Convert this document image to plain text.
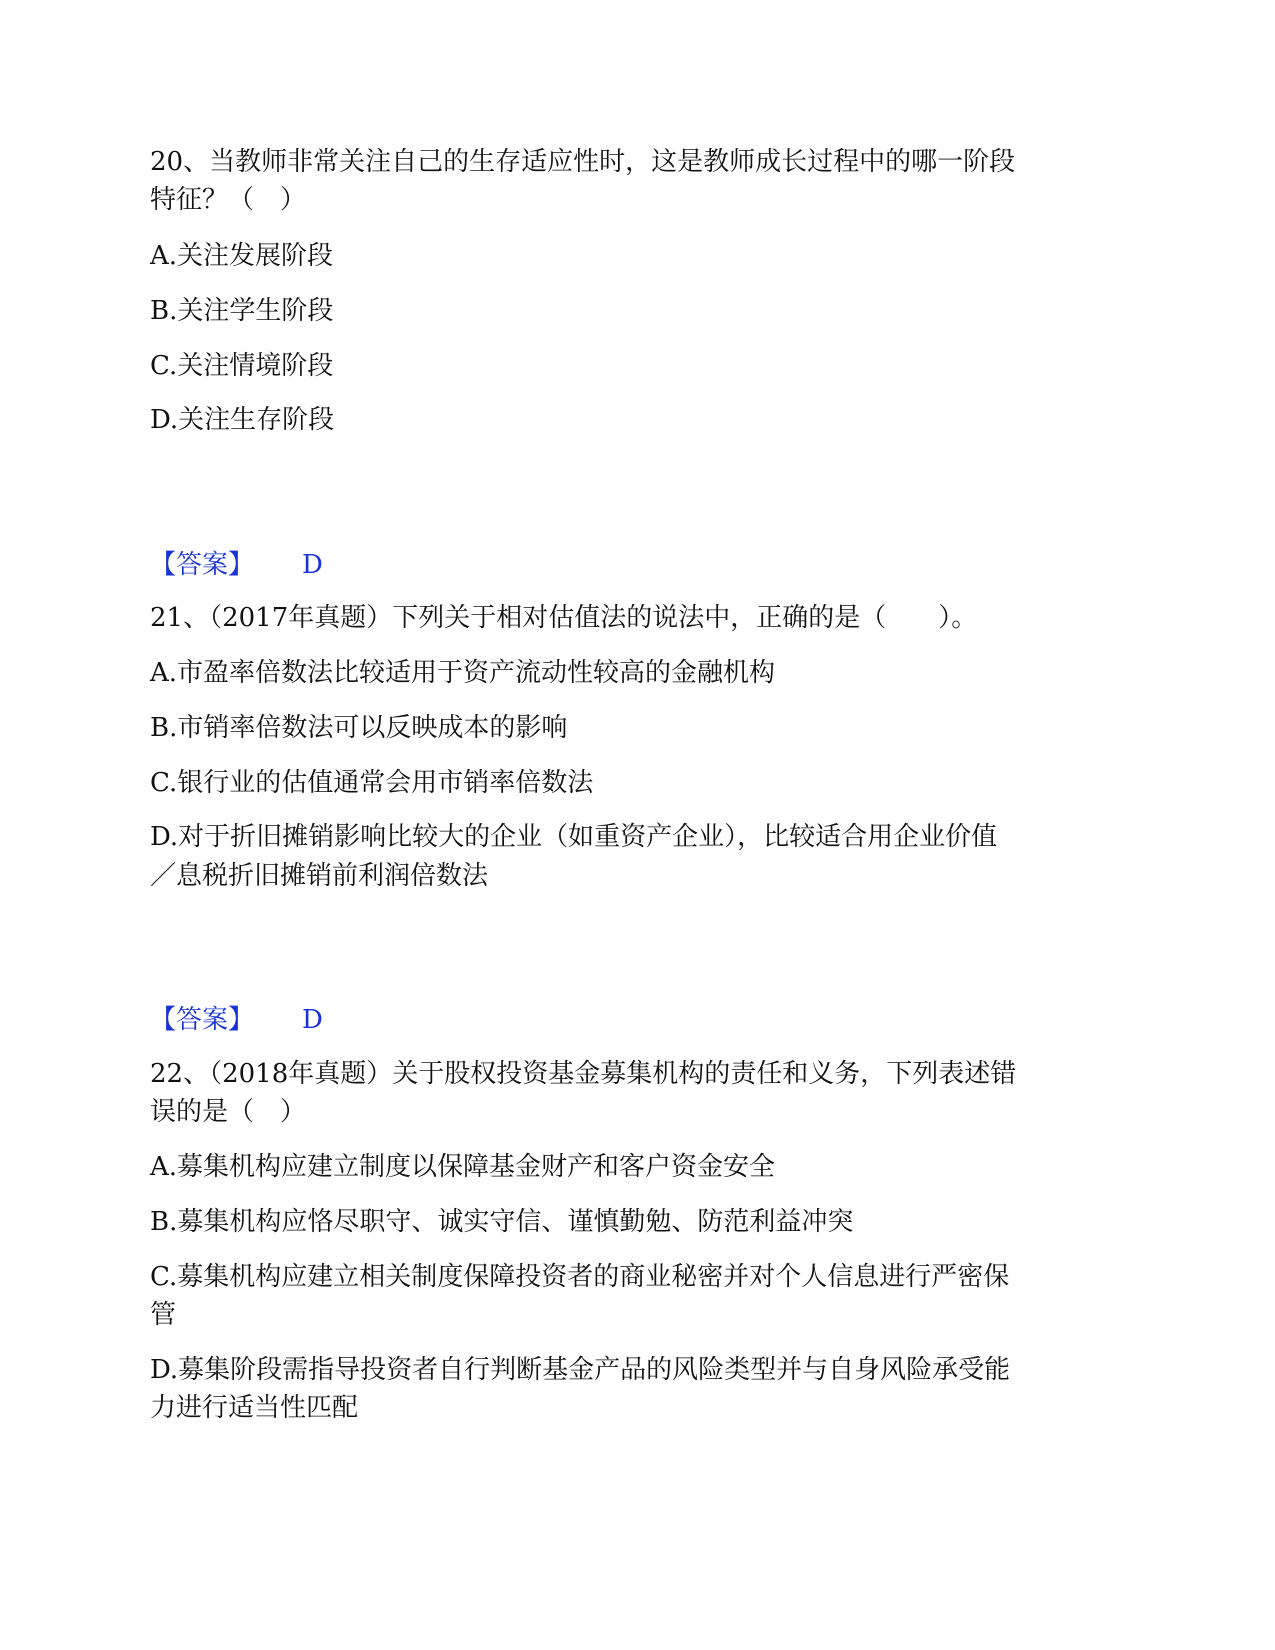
20、当教师非常关注自己的生存适应性时，这是教师成长过程中的哪一阶段
特征？（　）
A.关注发展阶段
B.关注学生阶段
C.关注情境阶段
D.关注生存阶段
【答案】 D
21、（2017年真题）下列关于相对估值法的说法中，正确的是（　　）。
A.市盈率倍数法比较适用于资产流动性较高的金融机构
B.市销率倍数法可以反映成本的影响
C.银行业的估值通常会用市销率倍数法
D.对于折旧摊销影响比较大的企业（如重资产企业），比较适合用企业价值
／息税折旧摊销前利润倍数法
【答案】 D
22、（2018年真题）关于股权投资基金募集机构的责任和义务，下列表述错
误的是（　）
A.募集机构应建立制度以保障基金财产和客户资金安全
B.募集机构应恪尽职守、诚实守信、谨慎勤勉、防范利益冲突
C.募集机构应建立相关制度保障投资者的商业秘密并对个人信息进行严密保
管
D.募集阶段需指导投资者自行判断基金产品的风险类型并与自身风险承受能
力进行适当性匹配
